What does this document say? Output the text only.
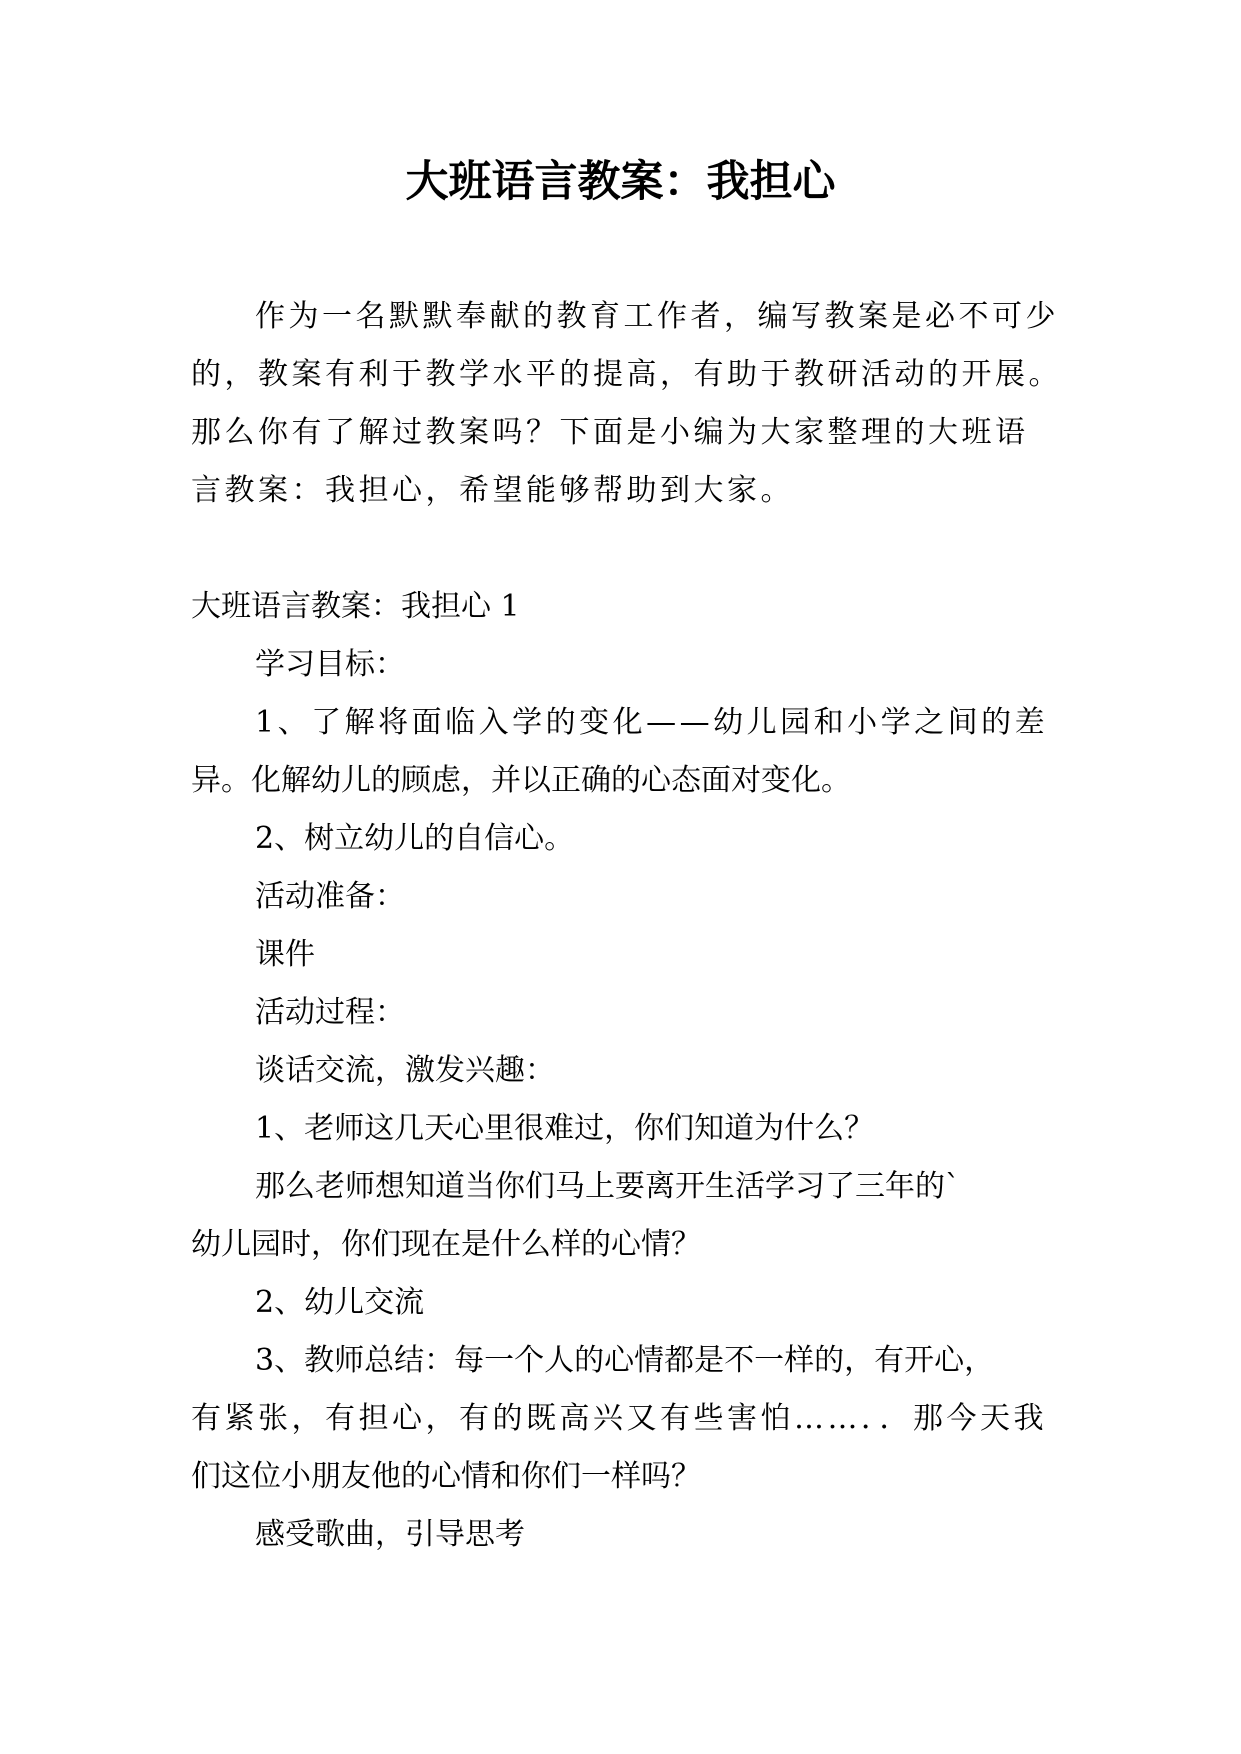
大班语言教案：我担心

作为一名默默奉献的教育工作者，编写教案是必不可少

的，教案有利于教学水平的提高，有助于教研活动的开展。

那么你有了解过教案吗？下面是小编为大家整理的大班语

言教案：我担心，希望能够帮助到大家。

大班语言教案：我担心 1

学习目标：

1、了解将面临入学的变化——幼儿园和小学之间的差

异。化解幼儿的顾虑，并以正确的心态面对变化。

2、树立幼儿的自信心。

活动准备：

课件

活动过程：

谈话交流，激发兴趣：

1、老师这几天心里很难过，你们知道为什么？

那么老师想知道当你们马上要离开生活学习了三年的`

幼儿园时，你们现在是什么样的心情？

2、幼儿交流

3、教师总结：每一个人的心情都是不一样的，有开心，

有紧张，有担心，有的既高兴又有些害怕……．．那今天我

们这位小朋友他的心情和你们一样吗？

感受歌曲，引导思考
